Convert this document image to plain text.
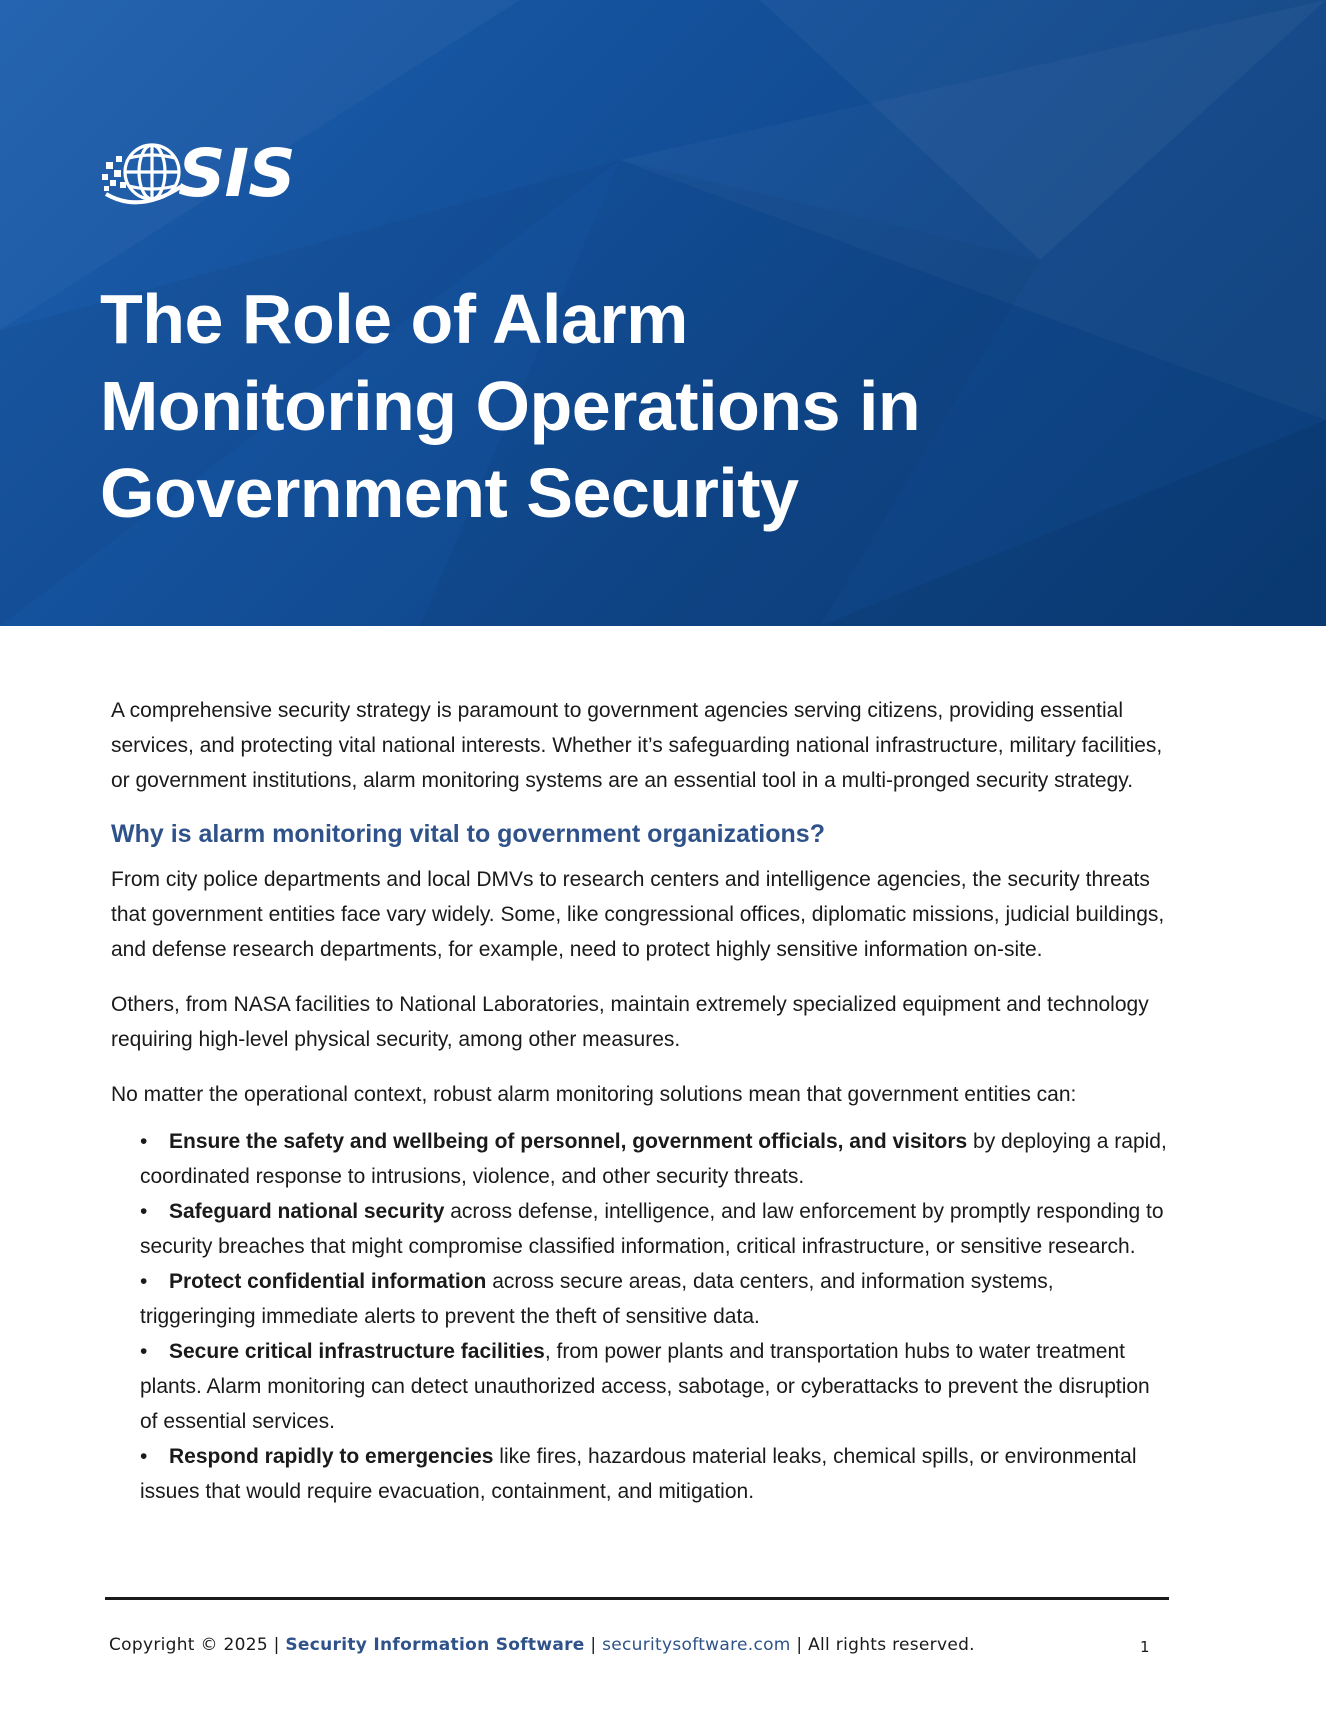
SIS
The Role of Alarm
Monitoring Operations in
Government Security

A comprehensive security strategy is paramount to government agencies serving citizens, providing essential services, and protecting vital national interests. Whether it’s safeguarding national infrastructure, military facilities, or government institutions, alarm monitoring systems are an essential tool in a multi-pronged security strategy.

Why is alarm monitoring vital to government organizations?

From city police departments and local DMVs to research centers and intelligence agencies, the security threats that government entities face vary widely. Some, like congressional offices, diplomatic missions, judicial buildings, and defense research departments, for example, need to protect highly sensitive information on-site.

Others, from NASA facilities to National Laboratories, maintain extremely specialized equipment and technology requiring high-level physical security, among other measures.

No matter the operational context, robust alarm monitoring solutions mean that government entities can:

• Ensure the safety and wellbeing of personnel, government officials, and visitors by deploying a rapid, coordinated response to intrusions, violence, and other security threats.
• Safeguard national security across defense, intelligence, and law enforcement by promptly responding to security breaches that might compromise classified information, critical infrastructure, or sensitive research.
• Protect confidential information across secure areas, data centers, and information systems, triggeringing immediate alerts to prevent the theft of sensitive data.
• Secure critical infrastructure facilities, from power plants and transportation hubs to water treatment plants. Alarm monitoring can detect unauthorized access, sabotage, or cyberattacks to prevent the disruption of essential services.
• Respond rapidly to emergencies like fires, hazardous material leaks, chemical spills, or environmental issues that would require evacuation, containment, and mitigation.
Copyright © 2025 | Security Information Software | securitysoftware.com | All rights reserved.	1
